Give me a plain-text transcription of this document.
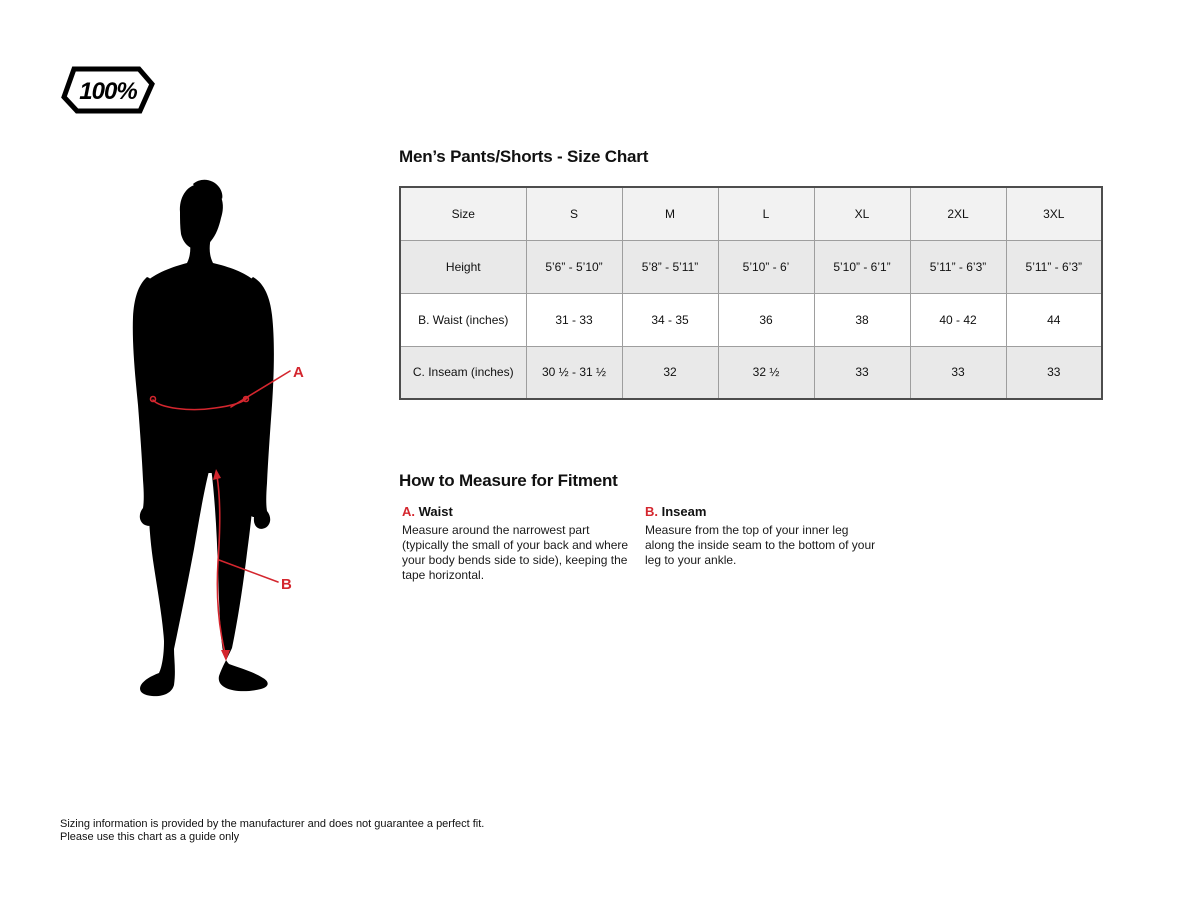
100%
A
B
Men’s Pants/Shorts - Size Chart
Size	S	M	L	XL	2XL	3XL
Height	5’6” - 5’10”	5’8” - 5’11”	5’10” - 6’	5’10” - 6’1”	5’11” - 6’3”	5’11” - 6’3”
B. Waist (inches)	31 - 33	34 - 35	36	38	40 - 42	44
C. Inseam (inches)	30 ½ - 31 ½	32	32 ½	33	33	33
How to Measure for Fitment
A. Waist
Measure around the narrowest part (typically the small of your back and where your body bends side to side), keeping the tape horizontal.
B. Inseam
Measure from the top of your inner leg along the inside seam to the bottom of your leg to your ankle.
Sizing information is provided by the manufacturer and does not guarantee a perfect fit.
Please use this chart as a guide only
